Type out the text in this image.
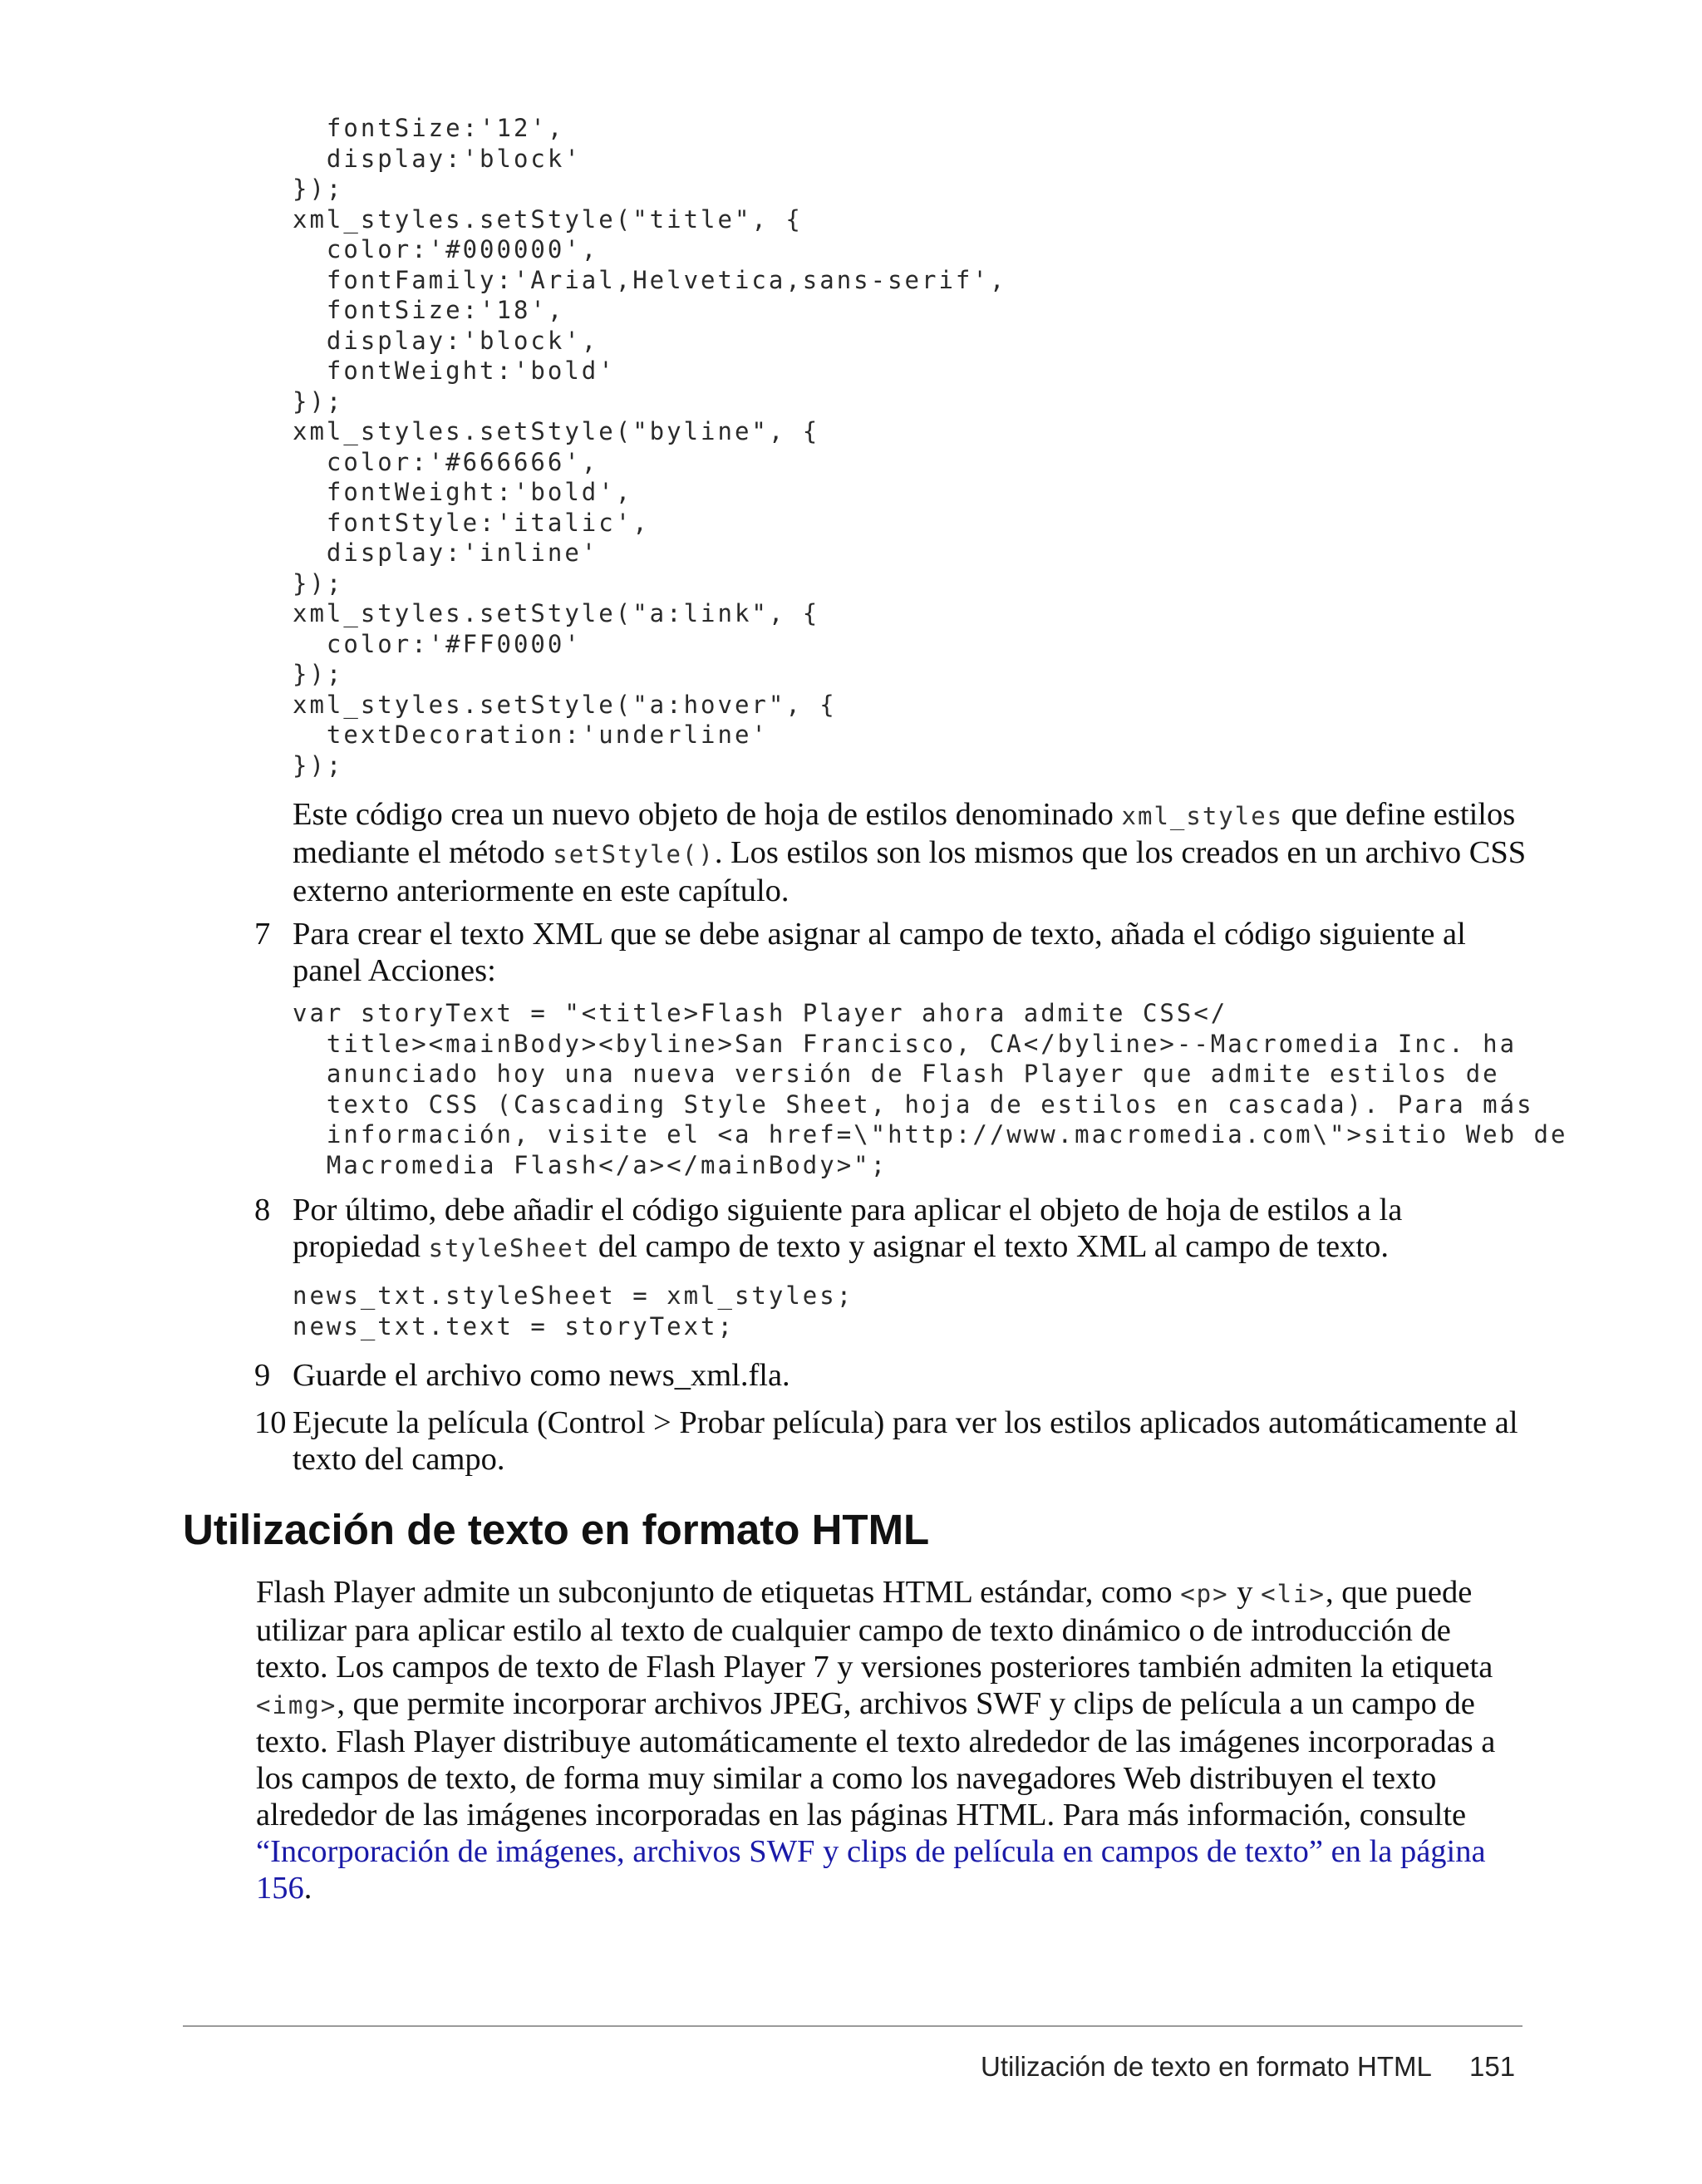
fontSize:'12',
display:'block'
});
xml_styles.setStyle("title", {
color:'#000000',
fontFamily:'Arial,Helvetica,sans-serif',
fontSize:'18',
display:'block',
fontWeight:'bold'
});
xml_styles.setStyle("byline", {
color:'#666666',
fontWeight:'bold',
fontStyle:'italic',
display:'inline'
});
xml_styles.setStyle("a:link", {
color:'#FF0000'
});
xml_styles.setStyle("a:hover", {
textDecoration:'underline'
});
Este código crea un nuevo objeto de hoja de estilos denominado xml_styles que define estilos mediante el método setStyle(). Los estilos son los mismos que los creados en un archivo CSS externo anteriormente en este capítulo.
7 Para crear el texto XML que se debe asignar al campo de texto, añada el código siguiente al panel Acciones:
var storyText = "<title>Flash Player ahora admite CSS</
title><mainBody><byline>San Francisco, CA</byline>--Macromedia Inc. ha
anunciado hoy una nueva versión de Flash Player que admite estilos de
texto CSS (Cascading Style Sheet, hoja de estilos en cascada). Para más
información, visite el <a href=\"http://www.macromedia.com\">sitio Web de
Macromedia Flash</a></mainBody>";
8 Por último, debe añadir el código siguiente para aplicar el objeto de hoja de estilos a la propiedad styleSheet del campo de texto y asignar el texto XML al campo de texto.
news_txt.styleSheet = xml_styles;
news_txt.text = storyText;
9 Guarde el archivo como news_xml.fla.
10 Ejecute la película (Control > Probar película) para ver los estilos aplicados automáticamente al texto del campo.
Utilización de texto en formato HTML
Flash Player admite un subconjunto de etiquetas HTML estándar, como <p> y <li>, que puede utilizar para aplicar estilo al texto de cualquier campo de texto dinámico o de introducción de texto. Los campos de texto de Flash Player 7 y versiones posteriores también admiten la etiqueta <img>, que permite incorporar archivos JPEG, archivos SWF y clips de película a un campo de texto. Flash Player distribuye automáticamente el texto alrededor de las imágenes incorporadas a los campos de texto, de forma muy similar a como los navegadores Web distribuyen el texto alrededor de las imágenes incorporadas en las páginas HTML. Para más información, consulte “Incorporación de imágenes, archivos SWF y clips de película en campos de texto” en la página 156.
Utilización de texto en formato HTML 151
